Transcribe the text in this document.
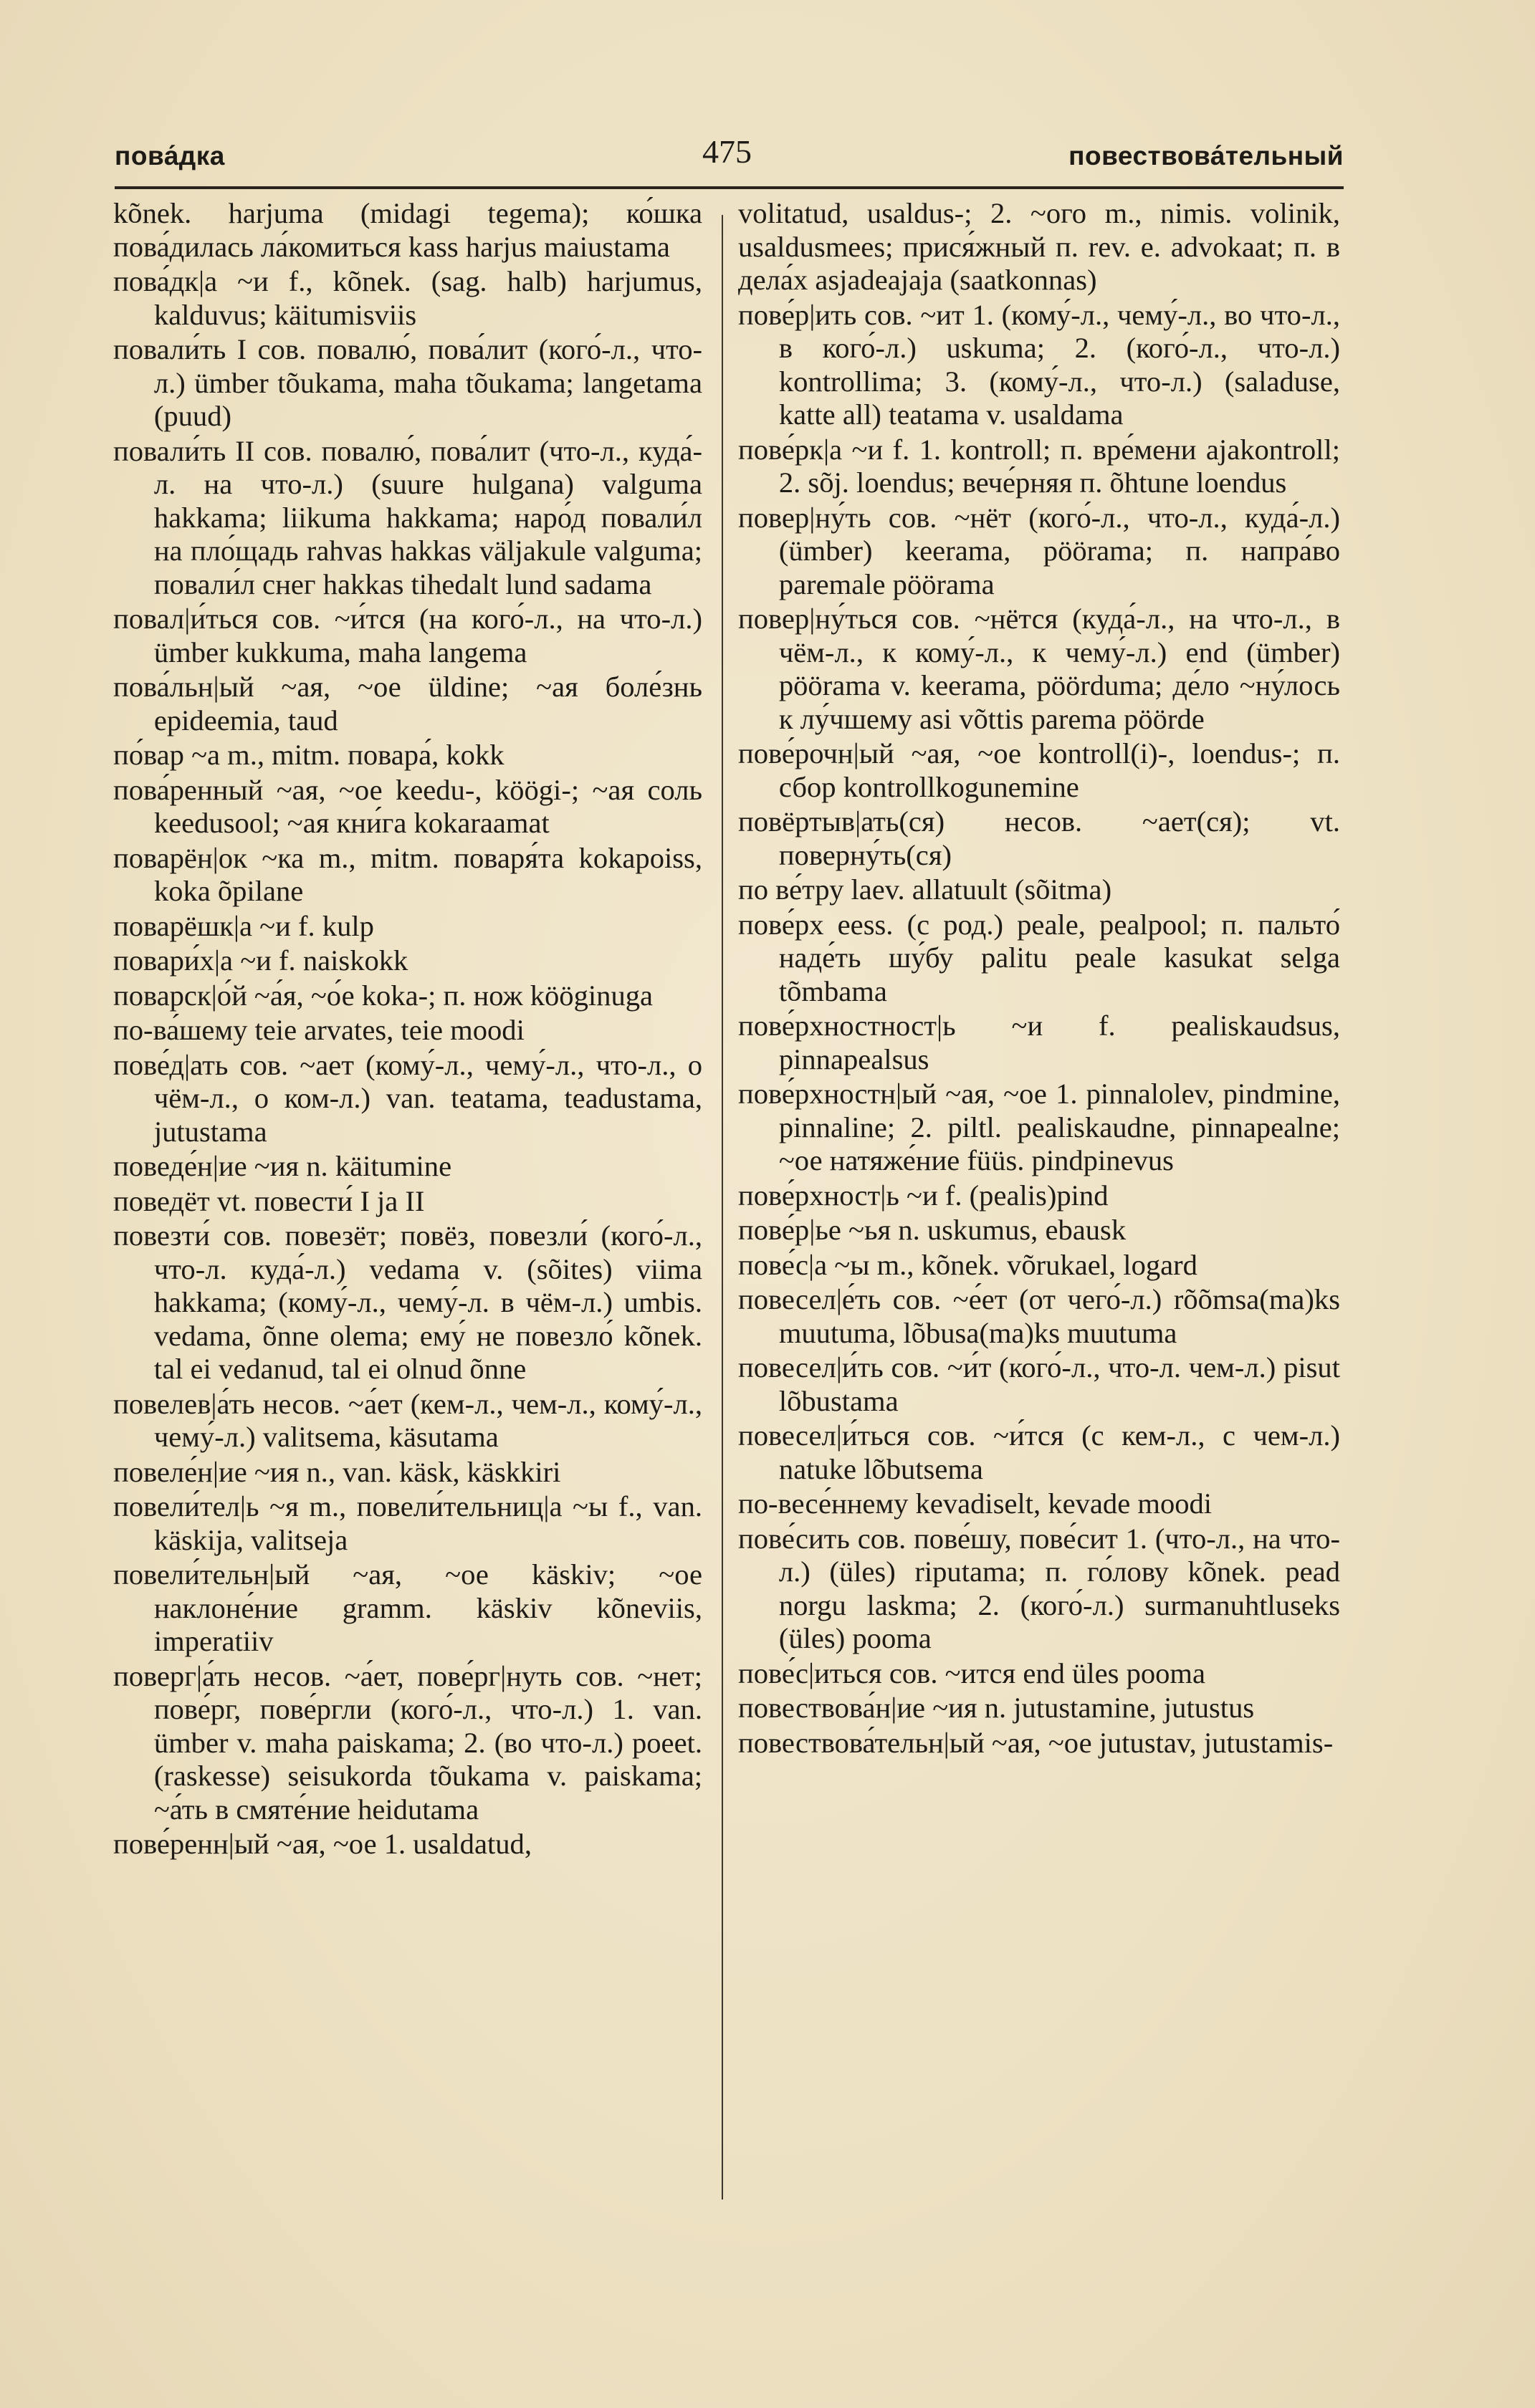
пова́дка	475	повествова́тельный

kõnek. harjuma (midagi tegema); ко́шка пова́дилась ла́комиться kass harjus maiustama

пова́дк|а ~и f., kõnek. (sag. halb) harjumus, kalduvus; käitumisviis

повали́ть I сов. повалю́, пова́лит (кого́-л., что-л.) ümber tõukama, maha tõukama; langetama (puud)

повали́ть II сов. повалю́, пова́лит (что-л., куда́-л. на что-л.) (suure hulgana) valguma hakkama; liikuma hakkama; наро́д повали́л на пло́щадь rahvas hakkas väljakule valguma; повали́л снег hakkas tihedalt lund sadama

повал|и́ться сов. ~и́тся (на кого́-л., на что-л.) ümber kukkuma, maha langema

пова́льн|ый ~ая, ~ое üldine; ~ая боле́знь epideemia, taud

по́вар ~а m., mitm. повара́, kokk

пова́ренный ~ая, ~ое keedu-, köögi-; ~ая соль keedusool; ~ая кни́га kokaraamat

поварён|ок ~ка m., mitm. поваря́та kokapoiss, koka õpilane

поварёшк|а ~и f. kulp

повари́х|а ~и f. naiskokk

поварск|о́й ~а́я, ~о́е koka-; п. нож kööginuga

по-ва́шему teie arvates, teie moodi

пове́д|ать сов. ~ает (кому́-л., чему́-л., что-л., о чём-л., о ком-л.) van. teatama, teadustama, jutustama

поведе́н|ие ~ия n. käitumine

поведёт vt. повести́ I ja II

повезти́ сов. повезёт; повёз, повезли́ (кого́-л., что-л. куда́-л.) vedama v. (sõites) viima hakkama; (кому́-л., чему́-л. в чём-л.) umbis. vedama, õnne olema; ему́ не повезло́ kõnek. tal ei vedanud, tal ei olnud õnne

повелев|а́ть несов. ~а́ет (кем-л., чем-л., кому́-л., чему́-л.) valitsema, käsutama

повеле́н|ие ~ия n., van. käsk, käskkiri

повели́тел|ь ~я m., повели́тельниц|а ~ы f., van. käskija, valitseja

повели́тельн|ый ~ая, ~ое käskiv; ~ое наклоне́ние gramm. käskiv kõneviis, imperatiiv

поверг|а́ть несов. ~а́ет, пове́рг|нуть сов. ~нет; пове́рг, пове́ргли (кого́-л., что-л.) 1. van. ümber v. maha paiskama; 2. (во что-л.) poeet. (raskesse) seisukorda tõukama v. paiskama; ~а́ть в смяте́ние heidutama

пове́ренн|ый ~ая, ~ое 1. usaldatud,

volitatud, usaldus-; 2. ~ого m., nimis. volinik, usaldusmees; прися́жный п. rev. e. advokaat; п. в дела́х asjadeajaja (saatkonnas)

пове́р|ить сов. ~ит 1. (кому́-л., чему́-л., во что-л., в кого́-л.) uskuma; 2. (кого́-л., что-л.) kontrollima; 3. (кому́-л., что-л.) (saladuse, katte all) teatama v. usaldama

пове́рк|а ~и f. 1. kontroll; п. вре́мени ajakontroll; 2. sõj. loendus; вече́рняя п. õhtune loendus

повер|ну́ть сов. ~нёт (кого́-л., что-л., куда́-л.) (ümber) keerama, pöörama; п. напра́во paremale pöörama

повер|ну́ться сов. ~нётся (куда́-л., на что-л., в чём-л., к кому́-л., к чему́-л.) end (ümber) pöörama v. keerama, pöörduma; де́ло ~ну́лось к лу́чшему asi võttis parema pöörde

пове́рочн|ый ~ая, ~ое kontroll(i)-, loendus-; п. сбор kontrollkogunemine

повёртыв|ать(ся) несов. ~ает(ся); vt. поверну́ть(ся)

по ве́тру laev. allatuult (sõitma)

пове́рх eess. (с род.) peale, pealpool; п. пальто́ наде́ть шу́бу palitu peale kasukat selga tõmbama

пове́рхностност|ь ~и f. pealiskaudsus, pinnapealsus

пове́рхностн|ый ~ая, ~ое 1. pinnalolev, pindmine, pinnaline; 2. piltl. pealiskaudne, pinnapealne; ~ое натяже́ние füüs. pindpinevus

пове́рхност|ь ~и f. (pealis)pind

пове́р|ье ~ья n. uskumus, ebausk

пове́с|а ~ы m., kõnek. võrukael, logard

повесел|е́ть сов. ~е́ет (от чего́-л.) rõõmsa(ma)ks muutuma, lõbusa(ma)ks muutuma

повесел|и́ть сов. ~и́т (кого́-л., что-л. чем-л.) pisut lõbustama

повесел|и́ться сов. ~и́тся (с кем-л., с чем-л.) natuke lõbutsema

по-весе́ннему kevadiselt, kevade moodi

пове́сить сов. пове́шу, пове́сит 1. (что-л., на что-л.) (üles) riputama; п. го́лову kõnek. pead norgu laskma; 2. (кого́-л.) surmanuhtluseks (üles) poomа

пове́с|иться сов. ~ится end üles poomа

повествова́н|ие ~ия n. jutustamine, jutustus

повествова́тельн|ый ~ая, ~ое jutustav, jutustamis-
